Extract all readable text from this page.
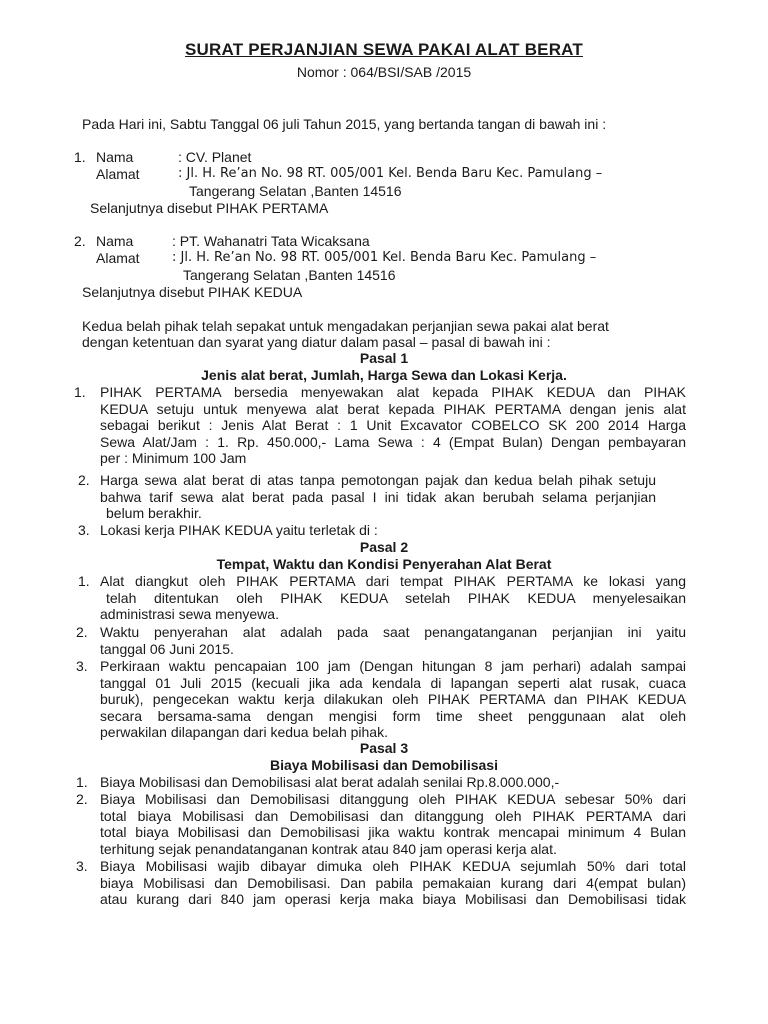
SURAT PERJANJIAN SEWA PAKAI ALAT BERAT
Nomor : 064/BSI/SAB /2015
Pada Hari ini, Sabtu Tanggal 06 juli Tahun 2015, yang bertanda tangan di bawah ini :
1. Nama	: CV. Planet
Alamat	: Jl. H. Re’an No. 98 RT. 005/001 Kel. Benda Baru Kec. Pamulang –
Tangerang Selatan ,Banten 14516
Selanjutnya disebut PIHAK PERTAMA
2. Nama	: PT. Wahanatri Tata Wicaksana
Alamat : Jl. H. Re’an No. 98 RT. 005/001 Kel. Benda Baru Kec. Pamulang –
Tangerang Selatan ,Banten 14516
Selanjutnya disebut PIHAK KEDUA
Kedua belah pihak telah sepakat untuk mengadakan perjanjian sewa pakai alat berat
dengan ketentuan dan syarat yang diatur dalam pasal – pasal di bawah ini :
Pasal 1
Jenis alat berat, Jumlah, Harga Sewa dan Lokasi Kerja.
1. PIHAK PERTAMA bersedia menyewakan alat kepada PIHAK KEDUA dan PIHAK
KEDUA setuju untuk menyewa alat berat kepada PIHAK PERTAMA dengan jenis alat
sebagai berikut : Jenis Alat Berat : 1 Unit Excavator COBELCO SK 200 2014 Harga
Sewa Alat/Jam : 1. Rp. 450.000,- Lama Sewa : 4 (Empat Bulan) Dengan pembayaran
per : Minimum 100 Jam
2. Harga sewa alat berat di atas tanpa pemotongan pajak dan kedua belah pihak setuju
bahwa tarif sewa alat berat pada pasal I ini tidak akan berubah selama perjanjian
belum berakhir.
3. Lokasi kerja PIHAK KEDUA yaitu terletak di :
Pasal 2
Tempat, Waktu dan Kondisi Penyerahan Alat Berat
1. Alat diangkut oleh PIHAK PERTAMA dari tempat PIHAK PERTAMA ke lokasi yang
telah ditentukan oleh PIHAK KEDUA setelah PIHAK KEDUA menyelesaikan
administrasi sewa menyewa.
2. Waktu penyerahan alat adalah pada saat penangatanganan perjanjian ini yaitu
tanggal 06 Juni 2015.
3. Perkiraan waktu pencapaian 100 jam (Dengan hitungan 8 jam perhari) adalah sampai
tanggal 01 Juli 2015 (kecuali jika ada kendala di lapangan seperti alat rusak, cuaca
buruk), pengecekan waktu kerja dilakukan oleh PIHAK PERTAMA dan PIHAK KEDUA
secara bersama-sama dengan mengisi form time sheet penggunaan alat oleh
perwakilan dilapangan dari kedua belah pihak.
Pasal 3
Biaya Mobilisasi dan Demobilisasi
1. Biaya Mobilisasi dan Demobilisasi alat berat adalah senilai Rp.8.000.000,-
2. Biaya Mobilisasi dan Demobilisasi ditanggung oleh PIHAK KEDUA sebesar 50% dari
total biaya Mobilisasi dan Demobilisasi dan ditanggung oleh PIHAK PERTAMA dari
total biaya Mobilisasi dan Demobilisasi jika waktu kontrak mencapai minimum 4 Bulan
terhitung sejak penandatanganan kontrak atau 840 jam operasi kerja alat.
3. Biaya Mobilisasi wajib dibayar dimuka oleh PIHAK KEDUA sejumlah 50% dari total
biaya Mobilisasi dan Demobilisasi. Dan pabila pemakaian kurang dari 4(empat bulan)
atau kurang dari 840 jam operasi kerja maka biaya Mobilisasi dan Demobilisasi tidak
